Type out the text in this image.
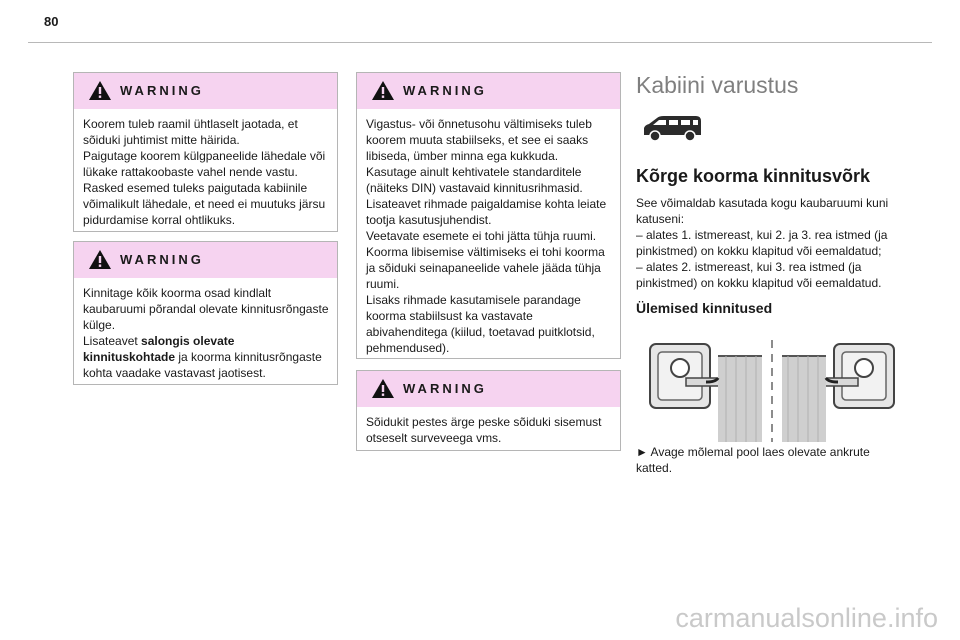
80
WARNING

Koorem tuleb raamil ühtlaselt jaotada, et

sõiduki juhtimist mitte häirida.

Paigutage koorem külgpaneelide lähedale või

lükake rattakoobaste vahel nende vastu.

Rasked esemed tuleks paigutada kabiinile

võimalikult lähedale, et need ei muutuks järsu

pidurdamise korral ohtlikuks.

WARNING

Kinnitage kõik koorma osad kindlalt

kaubaruumi põrandal olevate kinnitusrõngaste

külge.

Lisateavet salongis olevate kinnituskohtade ja koorma kinnitusrõngaste kohta vaadake vastavast jaotisest.

WARNING

Vigastus- või õnnetusohu vältimiseks tuleb

koorem muuta stabiilseks, et see ei saaks

libiseda, ümber minna ega kukkuda.

Kasutage ainult kehtivatele standarditele

(näiteks DIN) vastavaid kinnitusrihmasid.

Lisateavet rihmade paigaldamise kohta leiate

tootja kasutusjuhendist.

Veetavate esemete ei tohi jätta tühja ruumi.

Koorma libisemise vältimiseks ei tohi koorma

ja sõiduki seinapaneelide vahele jääda tühja

ruumi.

Lisaks rihmade kasutamisele parandage

koorma stabiilsust ka vastavate

abivahenditega (kiilud, toetavad puitklotsid,

pehmendused).

WARNING

Sõidukit pestes ärge peske sõiduki sisemust

otseselt surveveega vms.

Kabiini varustus
Kõrge koorma kinnitusvõrk

See võimaldab kasutada kogu kaubaruumi kuni

katuseni:

– alates 1. istmereast, kui 2. ja 3. rea istmed (ja

pinkistmed) on kokku klapitud või eemaldatud;

– alates 2. istmereast, kui 3. rea istmed (ja

pinkistmed) on kokku klapitud või eemaldatud.

Ülemised kinnitused

► Avage mõlemal pool laes olevate ankrute

katted.

carmanualsonline.info
